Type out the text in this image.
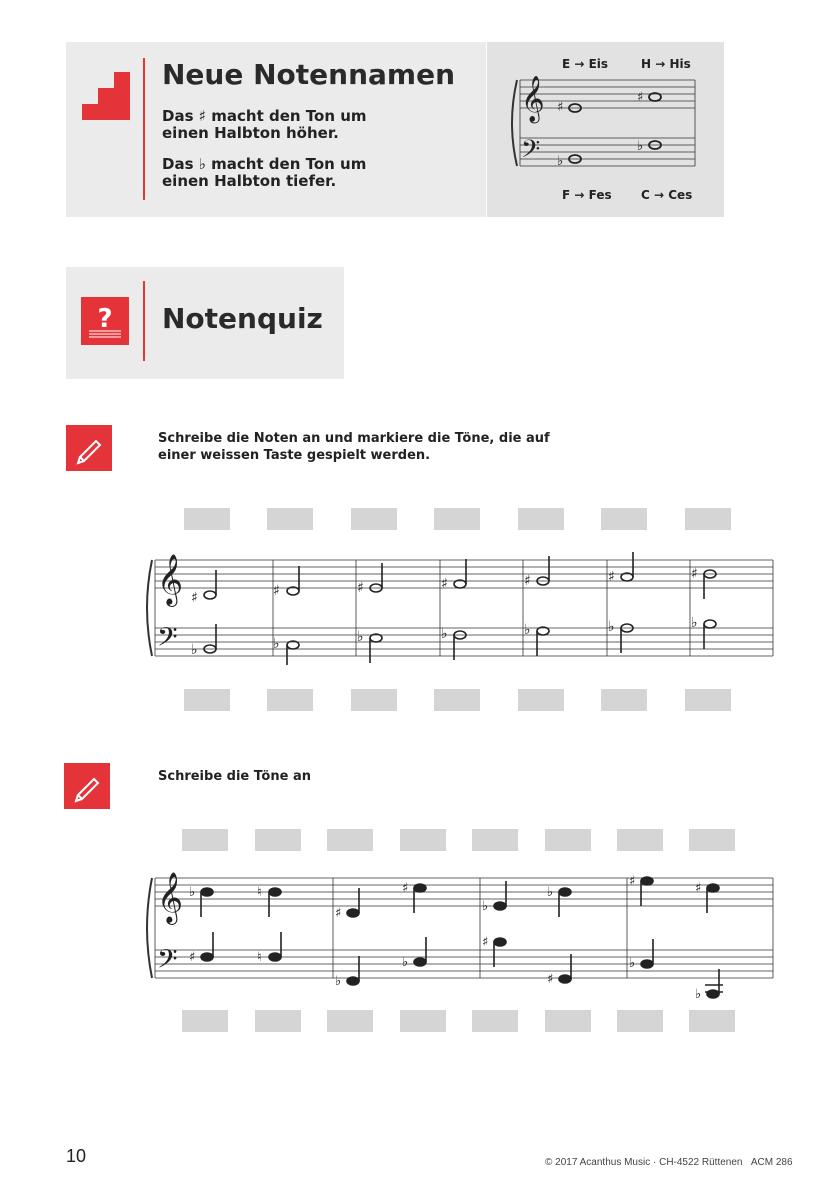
Neue Notennamen
Das ♯ macht den Ton um
einen Halbton höher.
Das ♭ macht den Ton um
einen Halbton tiefer.
E → Eis	H → His
F → Fes C → Ces
𝄞
𝄢
♯
♯
♭
♭
? Notenquiz
Schreibe die Noten an und markiere die Töne, die auf
einer weissen Taste gespielt werden.
𝄞
𝄢
♯	♯	♯	♯	♯	♯	♯
♭	♭	♭	♭	♭	♭	♭
Schreibe die Töne an
𝄞
𝄢
♭	♮
♯
♯
♭
♭
♯	♯
♯	♮
♭
♭
♯
♯
♭
♭
10	© 2017 Acanthus Music · CH-4522 Rüttenen ACM 286
